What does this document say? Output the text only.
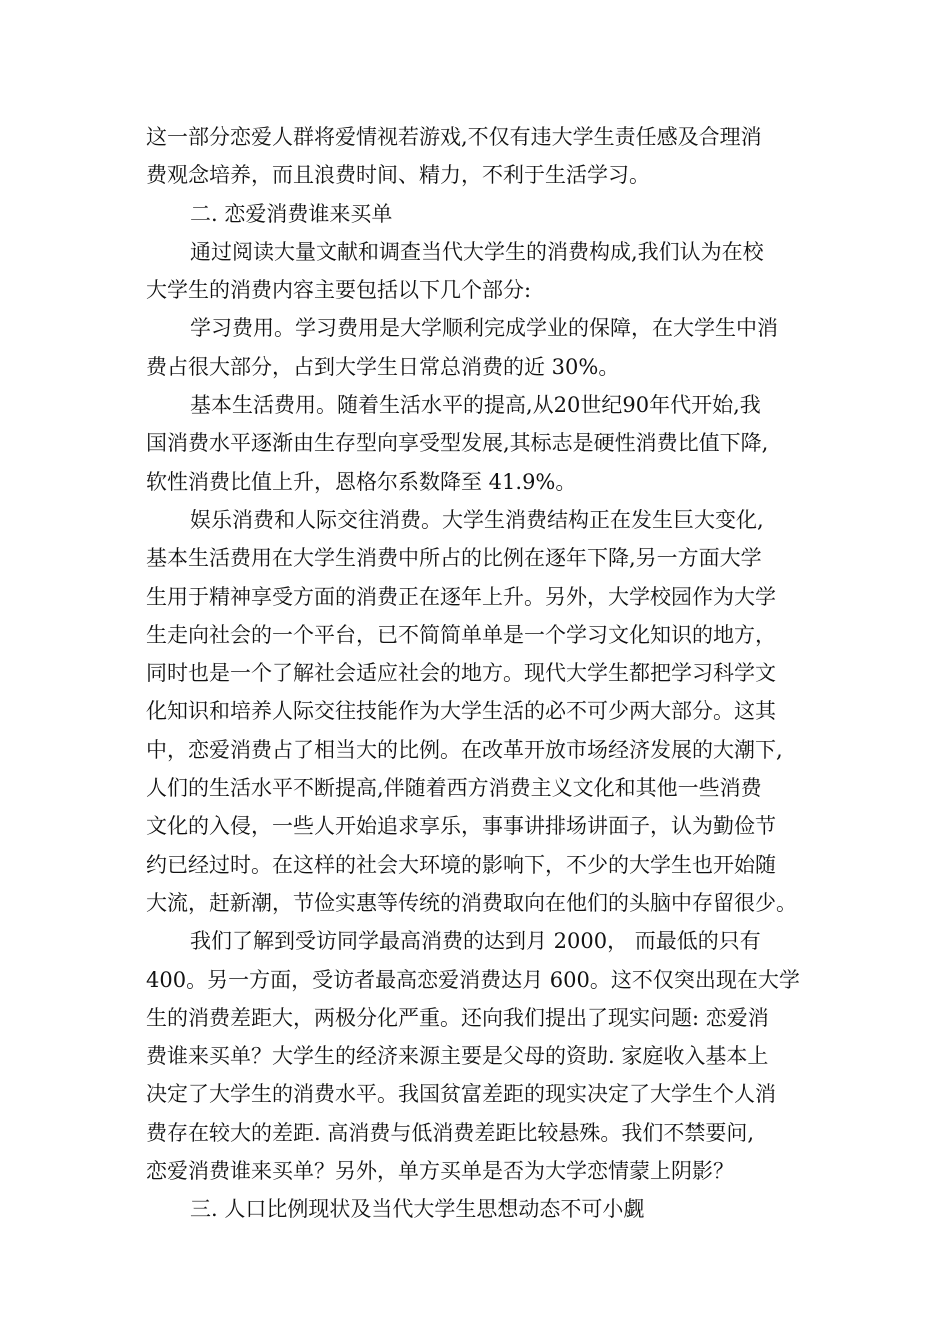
这一部分恋爱人群将爱情视若游戏,不仅有违大学生责任感及合理消
费观念培养，而且浪费时间、精力，不利于生活学习。
二. 恋爱消费谁来买单
通过阅读大量文献和调查当代大学生的消费构成,我们认为在校
大学生的消费内容主要包括以下几个部分:
学习费用。学习费用是大学顺利完成学业的保障，在大学生中消
费占很大部分，占到大学生日常总消费的近 30%。
基本生活费用。随着生活水平的提高,从20世纪90年代开始,我
国消费水平逐渐由生存型向享受型发展,其标志是硬性消费比值下降,
软性消费比值上升，恩格尔系数降至 41.9%。
娱乐消费和人际交往消费。大学生消费结构正在发生巨大变化,
基本生活费用在大学生消费中所占的比例在逐年下降,另一方面大学
生用于精神享受方面的消费正在逐年上升。另外，大学校园作为大学
生走向社会的一个平台，已不简简单单是一个学习文化知识的地方，
同时也是一个了解社会适应社会的地方。现代大学生都把学习科学文
化知识和培养人际交往技能作为大学生活的必不可少两大部分。这其
中，恋爱消费占了相当大的比例。在改革开放市场经济发展的大潮下,
人们的生活水平不断提高,伴随着西方消费主义文化和其他一些消费
文化的入侵，一些人开始追求享乐，事事讲排场讲面子，认为勤俭节
约已经过时。在这样的社会大环境的影响下，不少的大学生也开始随
大流，赶新潮，节俭实惠等传统的消费取向在他们的头脑中存留很少。
我们了解到受访同学最高消费的达到月 2000， 而最低的只有
400。另一方面，受访者最高恋爱消费达月 600。这不仅突出现在大学
生的消费差距大，两极分化严重。还向我们提出了现实问题: 恋爱消
费谁来买单？大学生的经济来源主要是父母的资助. 家庭收入基本上
决定了大学生的消费水平。我国贫富差距的现实决定了大学生个人消
费存在较大的差距. 高消费与低消费差距比较悬殊。我们不禁要问,
恋爱消费谁来买单？另外，单方买单是否为大学恋情蒙上阴影？
三. 人口比例现状及当代大学生思想动态不可小觑
